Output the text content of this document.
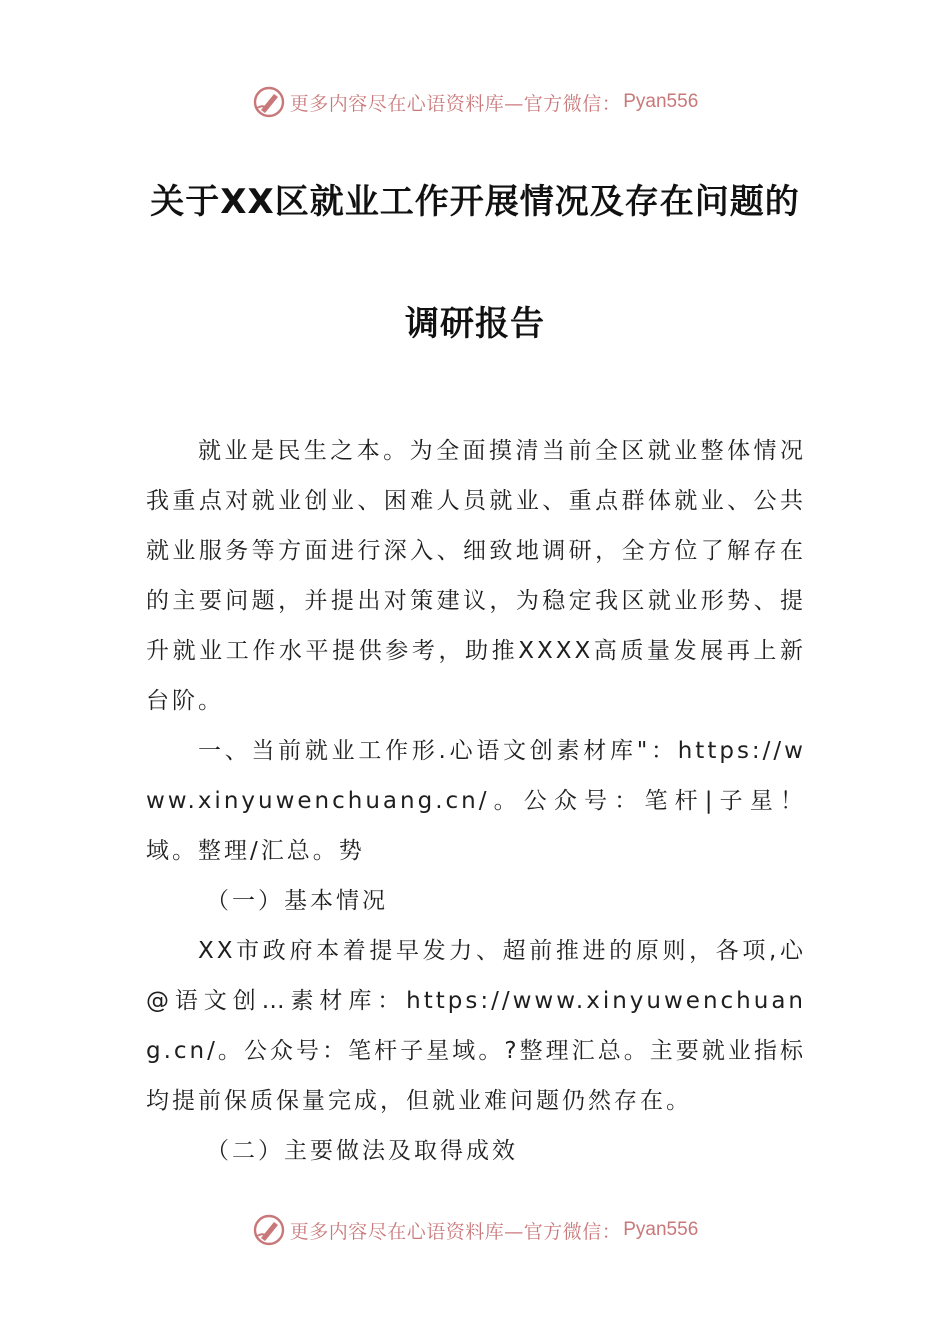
更多内容尽在心语资料库—官方微信： Pyan556
关于XX区就业工作开展情况及存在问题的
调研报告

就业是民生之本。为全面摸清当前全区就业整体情况我重点对就业创业、困难人员就业、重点群体就业、公共就业服务等方面进行深入、细致地调研，全方位了解存在的主要问题，并提出对策建议，为稳定我区就业形势、提升就业工作水平提供参考，助推XXXX高质量发展再上新台阶。

一、当前就业工作形.心语文创素材库"：https://www.xinyuwenchuang.cn/。公众号：笔杆|子星！域。整理/汇总。势

（一）基本情况

XX市政府本着提早发力、超前推进的原则，各项,心@语文创…素材库：https://www.xinyuwenchuang.cn/。公众号：笔杆子星域。?整理汇总。主要就业指标均提前保质保量完成，但就业难问题仍然存在。

（二）主要做法及取得成效

更多内容尽在心语资料库—官方微信： Pyan556
